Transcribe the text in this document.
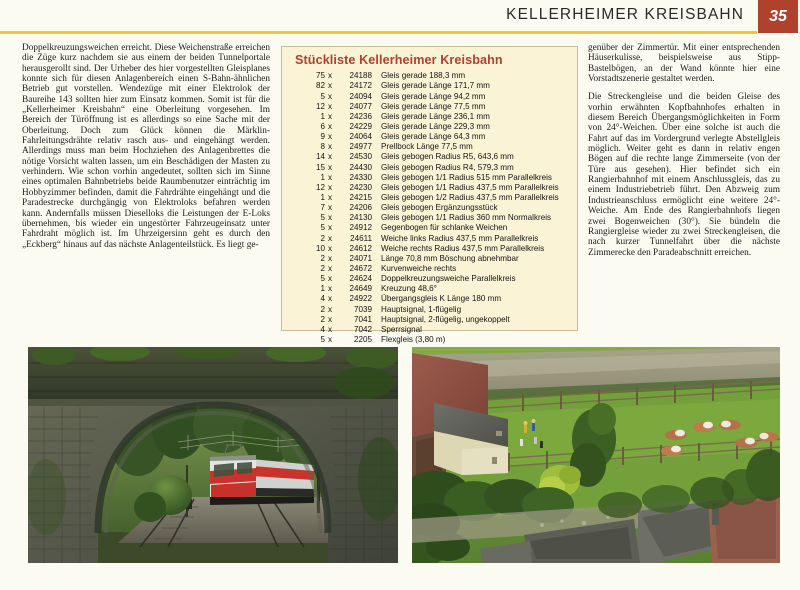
KELLERHEIMER KREISBAHN	35

Doppelkreuzungsweichen erreicht. Diese Weichenstraße erreichen die Züge kurz nachdem sie aus einem der beiden Tunnelportale herausgerollt sind. Der Urheber des hier vorgestellten Gleisplanes konnte sich für diesen Anlagenbereich einen S-Bahn-ähnlichen Betrieb gut vorstellen. Wendezüge mit einer Elektrolok der Baureihe 143 sollten hier zum Einsatz kommen. Somit ist für die „Kellerheimer Kreisbahn“ eine Oberleitung vorgesehen. Im Bereich der Türöffnung ist es allerdings so eine Sache mit der Oberleitung. Doch zum Glück können die Märklin-Fahrleitungsdrähte relativ rasch aus- und eingehängt werden. Allerdings muss man beim Hochziehen des Anlagenbrettes die nötige Vorsicht walten lassen, um ein Beschädigen der Masten zu verhindern. Wie schon vorhin angedeutet, sollten sich im Sinne eines optimalen Bahnbetriebs beide Raumbenutzer einträchtig im Hobbyzimmer befinden, damit die Fahrdrähte eingehängt und die Paradestrecke durchgängig von Elektroloks befahren werden kann. Andernfalls müssen Dieselloks die Leistungen der E-Loks übernehmen, bis wieder ein ungestörter Fahrzeugeinsatz unter Fahrdraht möglich ist. Im Uhrzeigersinn geht es durch den „Eckberg“ hinaus auf das nächste Anlagenteilstück. Es liegt ge-

genüber der Zimmertür. Mit einer entsprechenden Häuserkulisse, beispielsweise aus Stipp-Bastelbögen, an der Wand könnte hier eine Vorstadtszenerie gestaltet werden.

Die Streckengleise und die beiden Gleise des vorhin erwähnten Kopfbahnhofes erhalten in diesem Bereich Übergangsmöglichkeiten in Form von 24°-Weichen. Über eine solche ist auch die Fahrt auf das im Vordergrund verlegte Abstellgleis möglich. Weiter geht es dann in relativ engen Bögen auf die rechte lange Zimmerseite (von der Türe aus gesehen). Hier befindet sich ein Rangierbahnhof mit einem Anschlussgleis, das zu einem Industriebetrieb führt. Den Abzweig zum Industrieanschluss ermöglicht eine weitere 24°-Weiche. Am Ende des Rangierbahnhofs liegen zwei Bogenweichen (30°). Sie bündeln die Rangiergleise wieder zu zwei Streckengleisen, die nach kurzer Tunnelfahrt über die nächste Zimmerecke den Paradeabschnitt erreichen.

Stückliste Kellerheimer Kreisbahn
75	x	24188	Gleis gerade 188,3 mm
82	x	24172	Gleis gerade Länge 171,7 mm
5	x	24094	Gleis gerade Länge 94,2 mm
12	x	24077	Gleis gerade Länge 77,5 mm
1	x	24236	Gleis gerade Länge 236,1 mm
6	x	24229	Gleis gerade Länge 229,3 mm
9	x	24064	Gleis gerade Länge 64,3 mm
8	x	24977	Prellbock Länge 77,5 mm
14	x	24530	Gleis gebogen Radius R5, 643,6 mm
15	x	24430	Gleis gebogen Radius R4, 579,3 mm
1	x	24330	Gleis gebogen 1/1 Radius 515 mm Parallelkreis
12	x	24230	Gleis gebogen 1/1 Radius 437,5 mm Parallelkreis
1	x	24215	Gleis gebogen 1/2 Radius 437,5 mm Parallelkreis
7	x	24206	Gleis gebogen Ergänzungsstück
5	x	24130	Gleis gebogen 1/1 Radius 360 mm Normalkreis
5	x	24912	Gegenbogen für schlanke Weichen
2	x	24611	Weiche links Radius 437,5 mm Parallelkreis
10	x	24612	Weiche rechts Radius 437,5 mm Parallelkreis
2	x	24071	Länge 70,8 mm Böschung abnehmbar
2	x	24672	Kurvenweiche rechts
5	x	24624	Doppelkreuzungsweiche Parallelkreis
1	x	24649	Kreuzung 48,6°
4	x	24922	Übergangsgleis K Länge 180 mm
2	x	7039	Hauptsignal, 1-flügelig
2	x	7041	Hauptsignal, 2-flügelig, ungekoppelt
4	x	7042	Sperrsignal
5	x	2205	Flexgleis (3,80 m)
